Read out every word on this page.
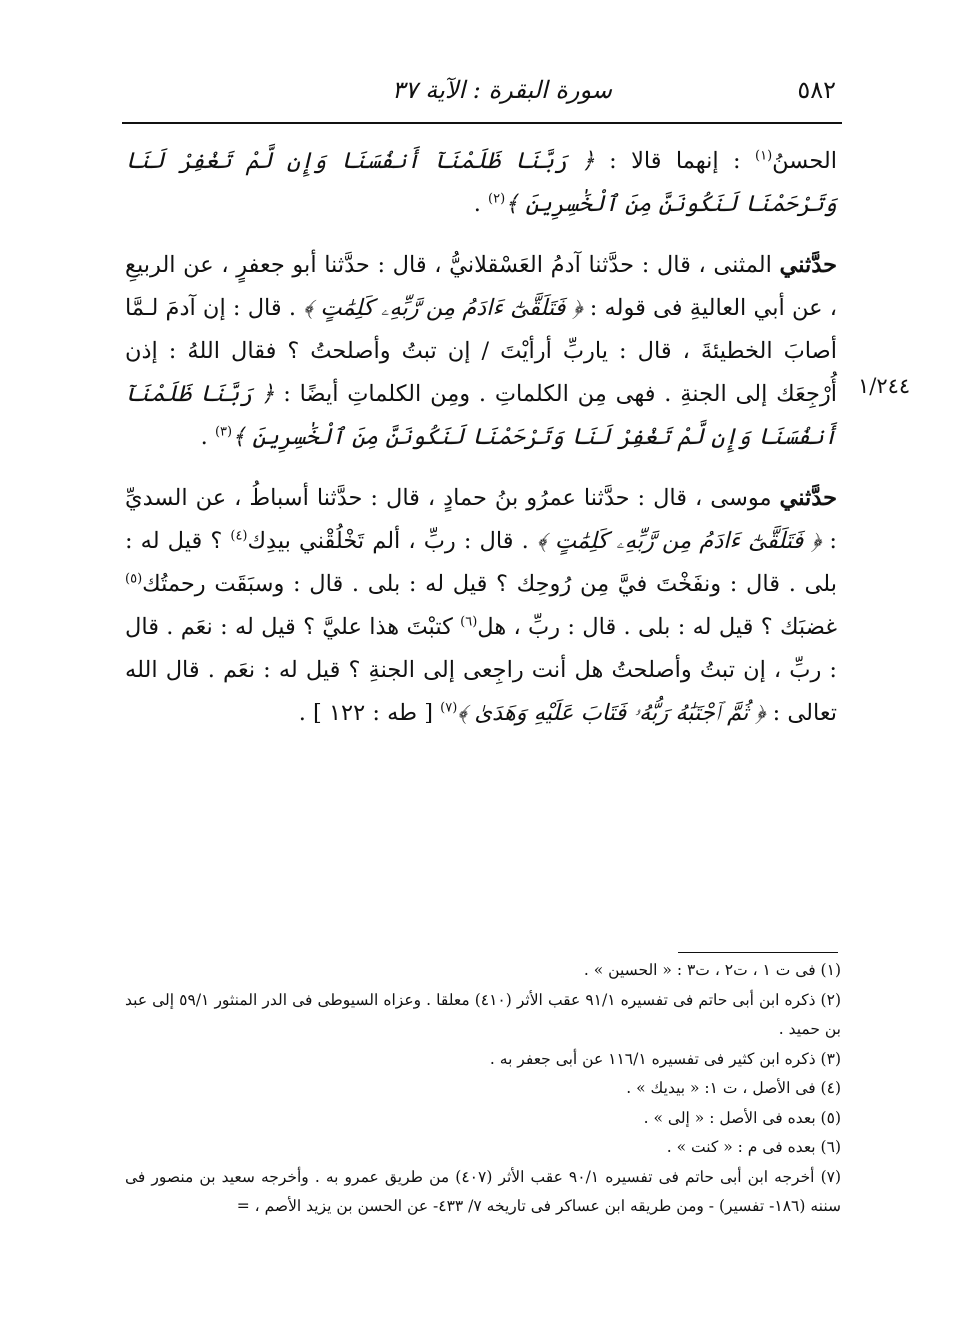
٥٨٢
سورة البقرة : الآية ٣٧
١/٢٤٤

الحسنُ$^{(١)}$ : إنهما قالا : ﴿ رَبَّنَا ظَلَمْنَآ أَنفُسَنَا وَإِن لَّمْ تَغْفِرْ لَنَا وَتَرْحَمْنَا لَنَكُونَنَّ مِنَ ٱلْخَٰسِرِينَ ﴾$^{(٢)}$ .

حدَّثني المثنى ، قال : حدَّثنا آدمُ العَسْقلانيُّ ، قال : حدَّثنا أبو جعفرٍ ، عن الربيعِ ، عن أبي العاليةِ فى قوله : ﴿ فَتَلَقَّىٰٓ ءَادَمُ مِن رَّبِّهِۦ كَلِمَٰتٍ ﴾ . قال : إن آدمَ لـمَّا أصابَ الخطيئةَ ، قال : ياربِّ أرأيْتَ / إن تبتُ وأصلحتُ ؟ فقال اللهُ : إذن أُرْجِعَك إلى الجنةِ . فهى مِن الكلماتِ . ومِن الكلماتِ أيضًا : ﴿ رَبَّنَا ظَلَمْنَآ أَنفُسَنَا وَإِن لَّمْ تَغْفِرْ لَنَا وَتَرْحَمْنَا لَنَكُونَنَّ مِنَ ٱلْخَٰسِرِينَ ﴾$^{(٣)}$ .

حدَّثني موسى ، قال : حدَّثنا عمرُو بنُ حمادٍ ، قال : حدَّثنا أسباطُ ، عن السديِّ : ﴿ فَتَلَقَّىٰٓ ءَادَمُ مِن رَّبِّهِۦ كَلِمَٰتٍ ﴾ . قال : ربِّ ، ألم تَخْلُقْني بيدِك$^{(٤)}$ ؟ قيل له : بلى . قال : ونفَخْتَ فيَّ مِن رُوحِك ؟ قيل له : بلى . قال : وسبَقَت رحمتُك$^{(٥)}$ غضبَك ؟ قيل له : بلى . قال : ربِّ ، هل$^{(٦)}$ كتبْتَ هذا عليَّ ؟ قيل له : نعَم . قال : ربِّ ، إن تبتُ وأصلحتُ هل أنت راجِعى إلى الجنةِ ؟ قيل له : نعَم . قال الله تعالى : ﴿ ثُمَّ ٱجْتَبَٰهُ رَبُّهُۥ فَتَابَ عَلَيْهِ وَهَدَىٰ ﴾$^{(٧)}$ [ طه : ١٢٢ ] .

(١) فى ت ١ ، ت٢ ، ت٣ : « الحسين » .

(٢) ذكره ابن أبى حاتم فى تفسيره ٩١/١ عقب الأثر (٤١٠) معلقا . وعزاه السيوطى فى الدر المنثور ٥٩/١ إلى عبد بن حميد .

(٣) ذكره ابن كثير فى تفسيره ١١٦/١ عن أبى جعفر به .

(٤) فى الأصل ، ت ١: « بيديك » .

(٥) بعده فى الأصل : « إلى » .

(٦) بعده فى م : « كنت » .

(٧) أخرجه ابن أبى حاتم فى تفسيره ٩٠/١ عقب الأثر (٤٠٧) من طريق عمرو به . وأخرجه سعيد بن منصور فى سننه (١٨٦- تفسير) - ومن طريقه ابن عساكر فى تاريخه ٧/ ٤٣٣- عن الحسن بن يزيد الأصم ، =
